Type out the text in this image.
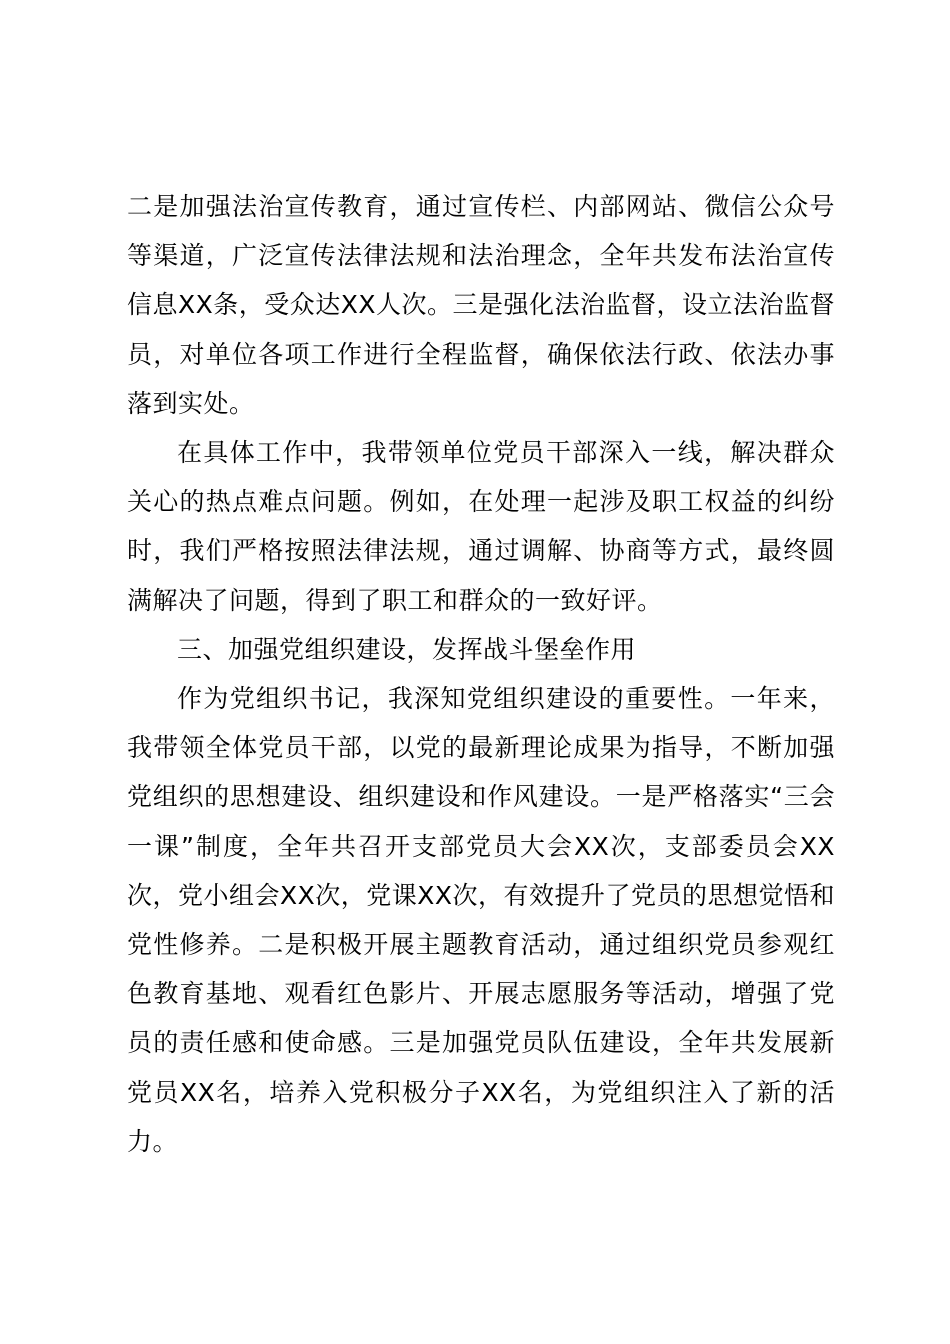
二是加强法治宣传教育，通过宣传栏、内部网站、微信公众号等渠道，广泛宣传法律法规和法治理念，全年共发布法治宣传信息XX条，受众达XX人次。三是强化法治监督，设立法治监督员，对单位各项工作进行全程监督，确保依法行政、依法办事落到实处。

在具体工作中，我带领单位党员干部深入一线，解决群众关心的热点难点问题。例如，在处理一起涉及职工权益的纠纷时，我们严格按照法律法规，通过调解、协商等方式，最终圆满解决了问题，得到了职工和群众的一致好评。

三、加强党组织建设，发挥战斗堡垒作用

作为党组织书记，我深知党组织建设的重要性。一年来，我带领全体党员干部，以党的最新理论成果为指导，不断加强党组织的思想建设、组织建设和作风建设。一是严格落实“三会一课”制度，全年共召开支部党员大会XX次，支部委员会XX次，党小组会XX次，党课XX次，有效提升了党员的思想觉悟和党性修养。二是积极开展主题教育活动，通过组织党员参观红色教育基地、观看红色影片、开展志愿服务等活动，增强了党员的责任感和使命感。三是加强党员队伍建设，全年共发展新党员XX名，培养入党积极分子XX名，为党组织注入了新的活力。
